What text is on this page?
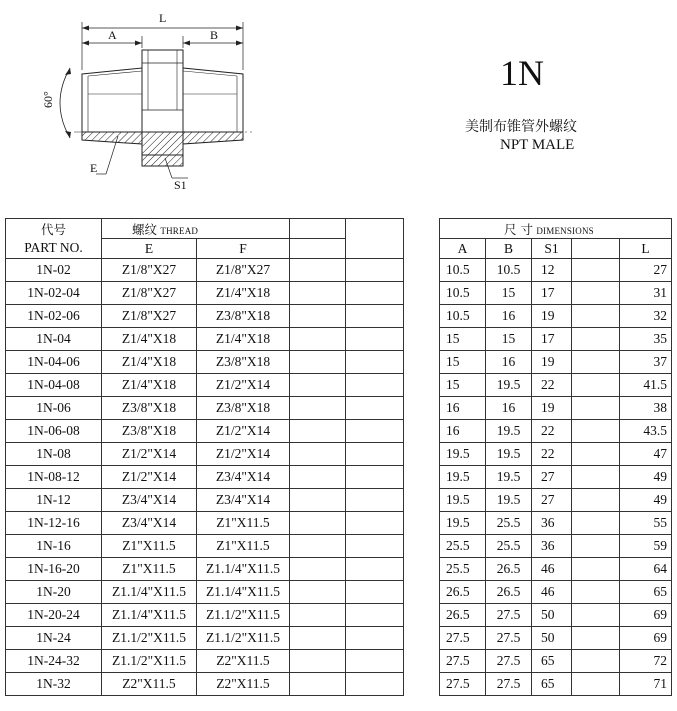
L
A	B
60°
E
S1
1N
美制布锥管外螺纹
NPT MALE
代号	螺纹 THREAD					尺 寸 DIMENSIONS				
PART NO.	E	F				A	B	S1		L
1N-02	Z1/8"X27	Z1/8"X27				10.5	10.5	12		27
1N-02-04	Z1/8"X27	Z1/4"X18				10.5	15	17		31
1N-02-06	Z1/8"X27	Z3/8"X18				10.5	16	19		32
1N-04	Z1/4"X18	Z1/4"X18				15	15	17		35
1N-04-06	Z1/4"X18	Z3/8"X18				15	16	19		37
1N-04-08	Z1/4"X18	Z1/2"X14				15	19.5	22		41.5
1N-06	Z3/8"X18	Z3/8"X18				16	16	19		38
1N-06-08	Z3/8"X18	Z1/2"X14				16	19.5	22		43.5
1N-08	Z1/2"X14	Z1/2"X14				19.5	19.5	22		47
1N-08-12	Z1/2"X14	Z3/4"X14				19.5	19.5	27		49
1N-12	Z3/4"X14	Z3/4"X14				19.5	19.5	27		49
1N-12-16	Z3/4"X14	Z1"X11.5				19.5	25.5	36		55
1N-16	Z1"X11.5	Z1"X11.5				25.5	25.5	36		59
1N-16-20	Z1"X11.5	Z1.1/4"X11.5				25.5	26.5	46		64
1N-20	Z1.1/4"X11.5	Z1.1/4"X11.5				26.5	26.5	46		65
1N-20-24	Z1.1/4"X11.5	Z1.1/2"X11.5				26.5	27.5	50		69
1N-24	Z1.1/2"X11.5	Z1.1/2"X11.5				27.5	27.5	50		69
1N-24-32	Z1.1/2"X11.5	Z2"X11.5				27.5	27.5	65		72
1N-32	Z2"X11.5	Z2"X11.5				27.5	27.5	65		71
